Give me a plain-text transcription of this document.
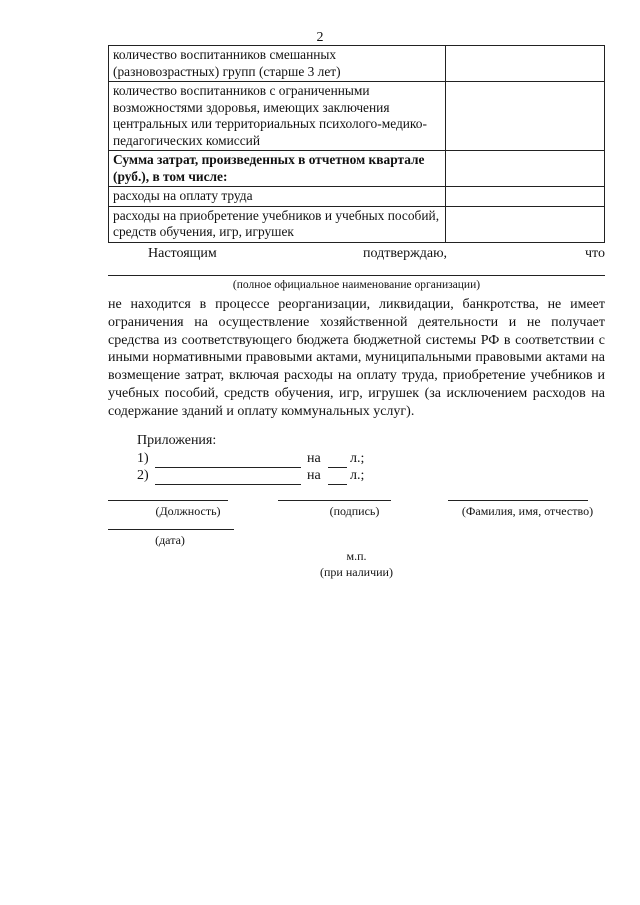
2
количество воспитанников смешанных (разновозрастных) групп (старше 3 лет)	
количество воспитанников с ограниченными возможностями здоровья, имеющих заключения центральных или территориальных психолого-медико-педагогических комиссий	
Сумма затрат, произведенных в отчетном квартале (руб.), в том числе:	
расходы на оплату труда	
расходы на приобретение учебников и учебных пособий, средств обучения, игр, игрушек	
Настоящим	подтверждаю,	что
(полное официальное наименование организации)

не находится в процессе реорганизации, ликвидации, банкротства, не имеет ограничения на осуществление хозяйственной деятельности и не получает средства из соответствующего бюджета бюджетной системы РФ в соответствии с иными нормативными правовыми актами, муниципальными правовыми актами на возмещение затрат, включая расходы на оплату труда, приобретение учебников и учебных пособий, средств обучения, игр, игрушек (за исключением расходов на содержание зданий и оплату коммунальных услуг).

Приложения:
1)	на л.;
2)	на л.;
(Должность)	(подпись)	(Фамилия, имя, отчество)
(дата)
м.п.
(при наличии)
